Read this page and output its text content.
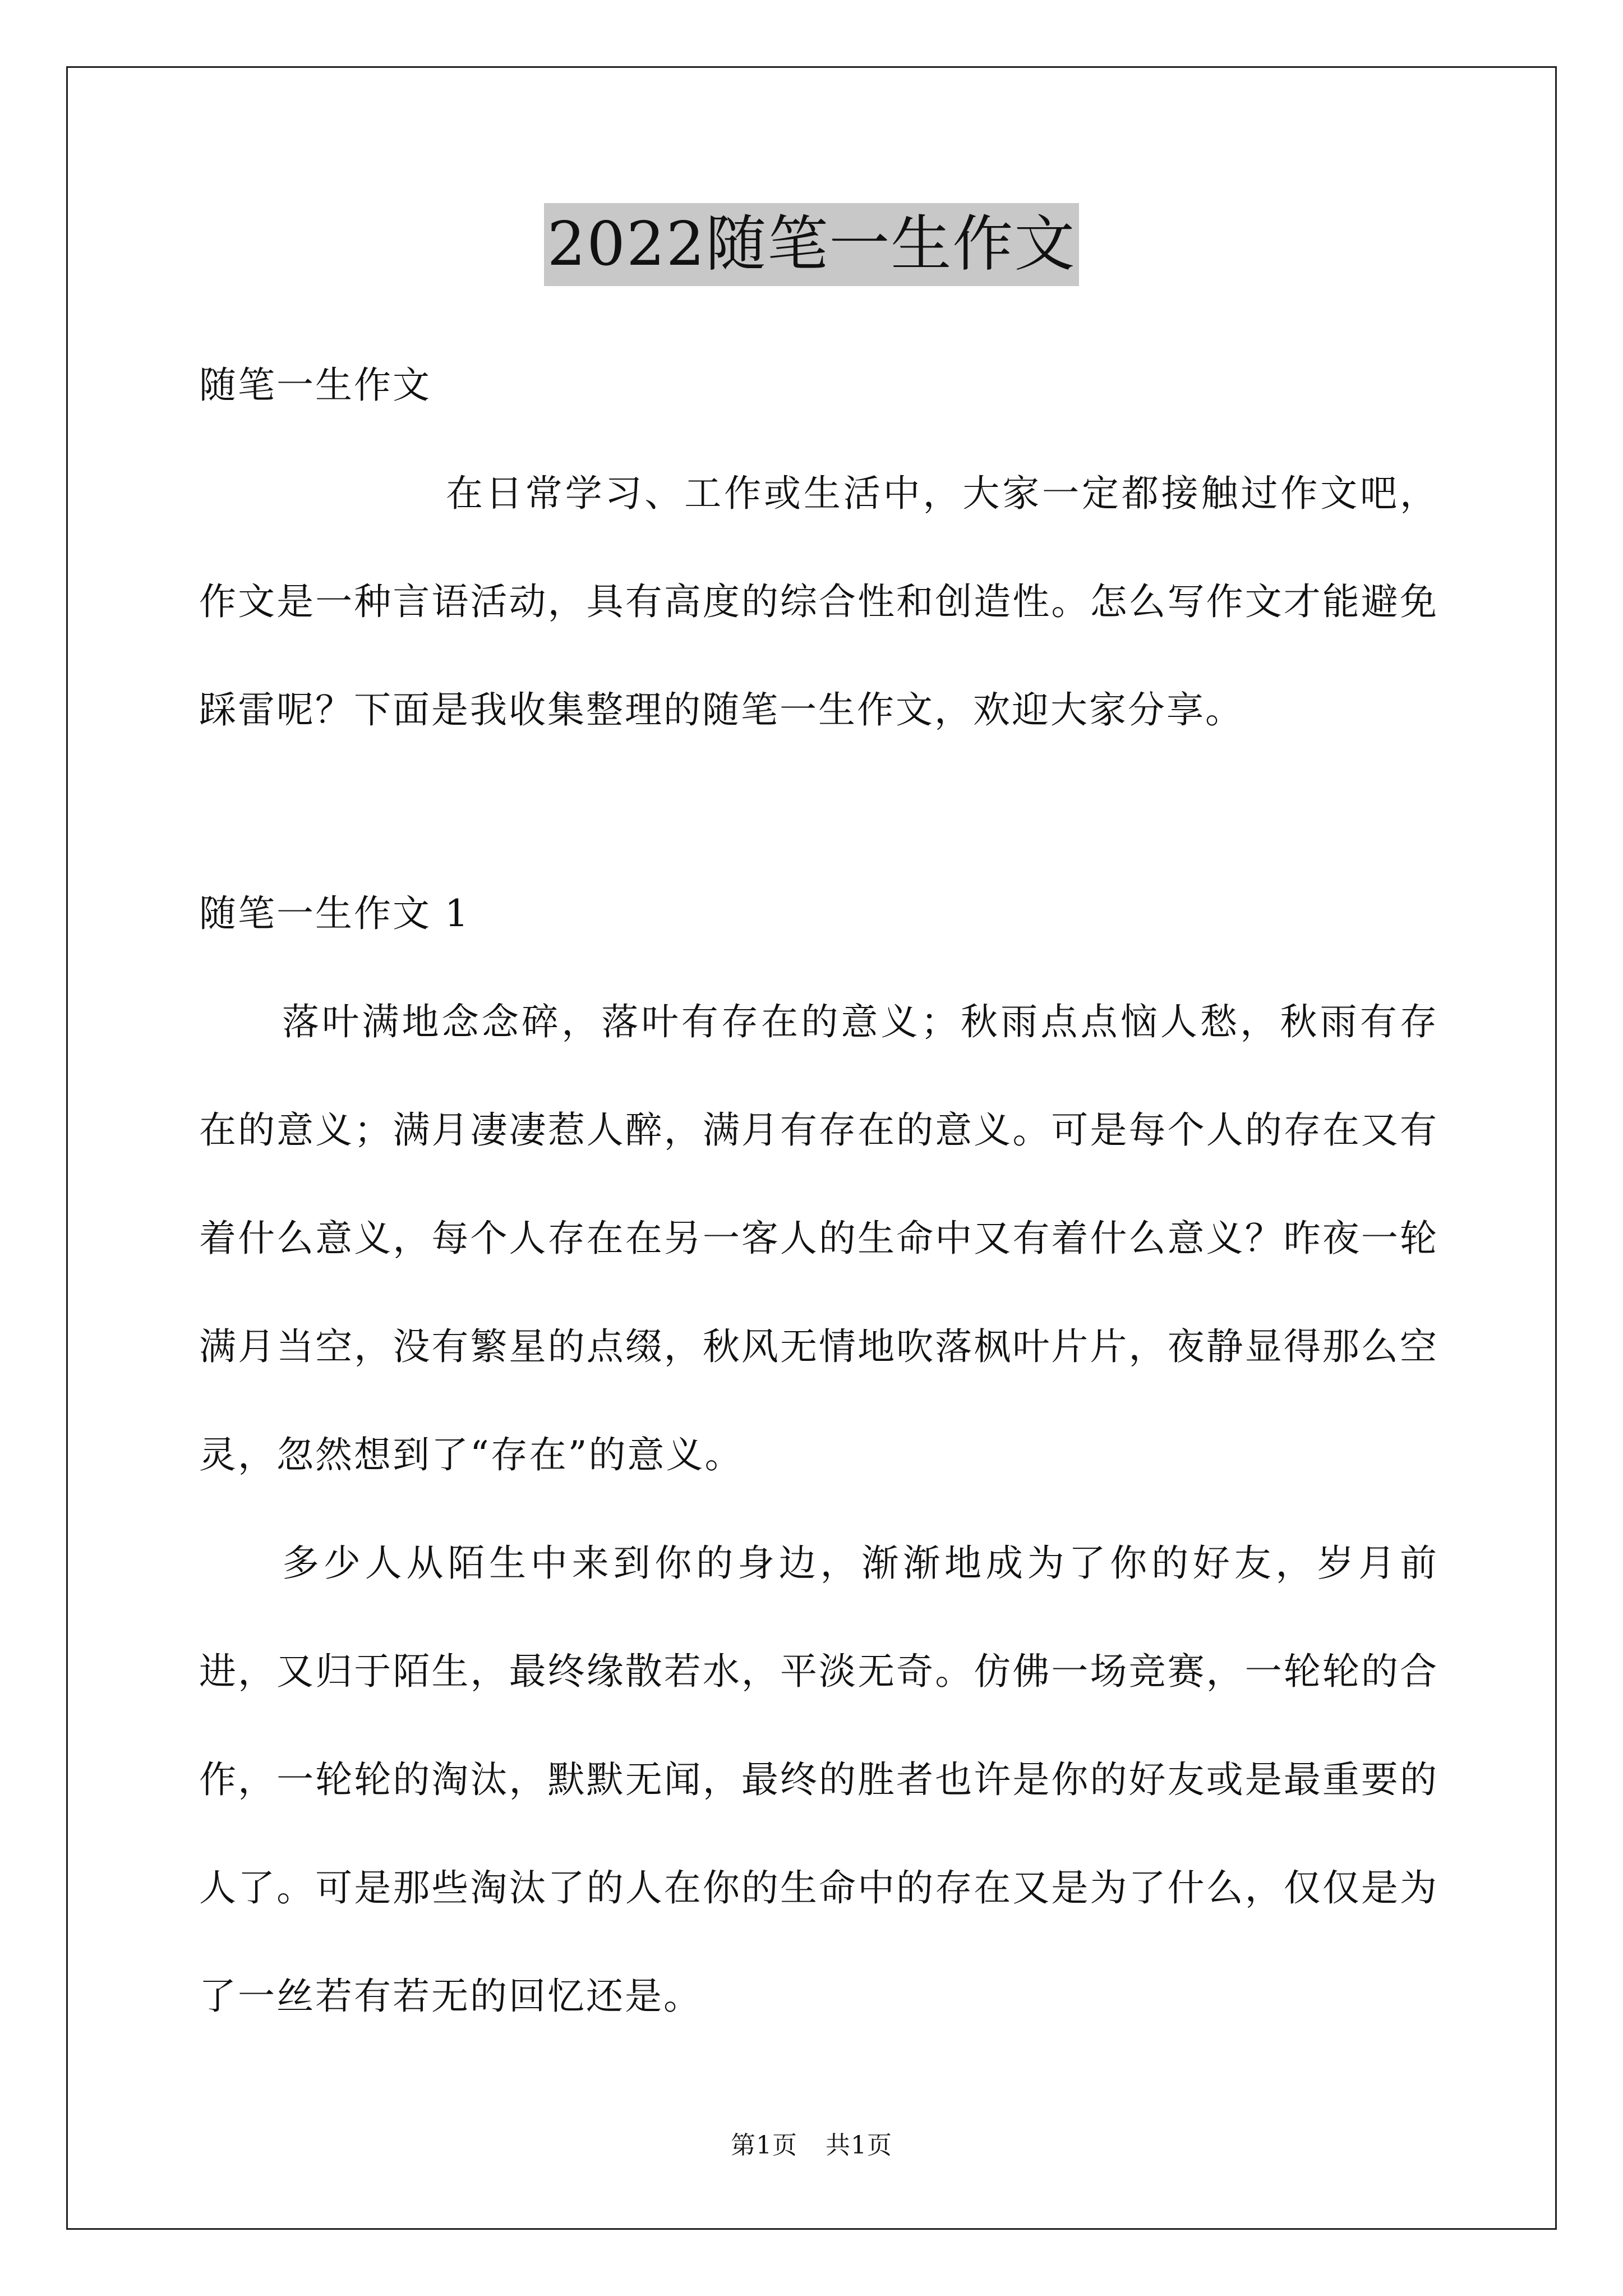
2022随笔一生作文

随笔一生作文

在日常学习、工作或生活中，大家一定都接触过作文吧，作文是一种言语活动，具有高度的综合性和创造性。怎么写作文才能避免踩雷呢？下面是我收集整理的随笔一生作文，欢迎大家分享。

随笔一生作文 1

落叶满地念念碎，落叶有存在的意义；秋雨点点恼人愁，秋雨有存在的意义；满月凄凄惹人醉，满月有存在的意义。可是每个人的存在又有着什么意义，每个人存在在另一客人的生命中又有着什么意义？昨夜一轮满月当空，没有繁星的点缀，秋风无情地吹落枫叶片片，夜静显得那么空灵，忽然想到了“存在”的意义。

多少人从陌生中来到你的身边，渐渐地成为了你的好友，岁月前进，又归于陌生，最终缘散若水，平淡无奇。仿佛一场竞赛，一轮轮的合作，一轮轮的淘汰，默默无闻，最终的胜者也许是你的好友或是最重要的人了。可是那些淘汰了的人在你的生命中的存在又是为了什么，仅仅是为了一丝若有若无的回忆还是。

第1页 共1页
